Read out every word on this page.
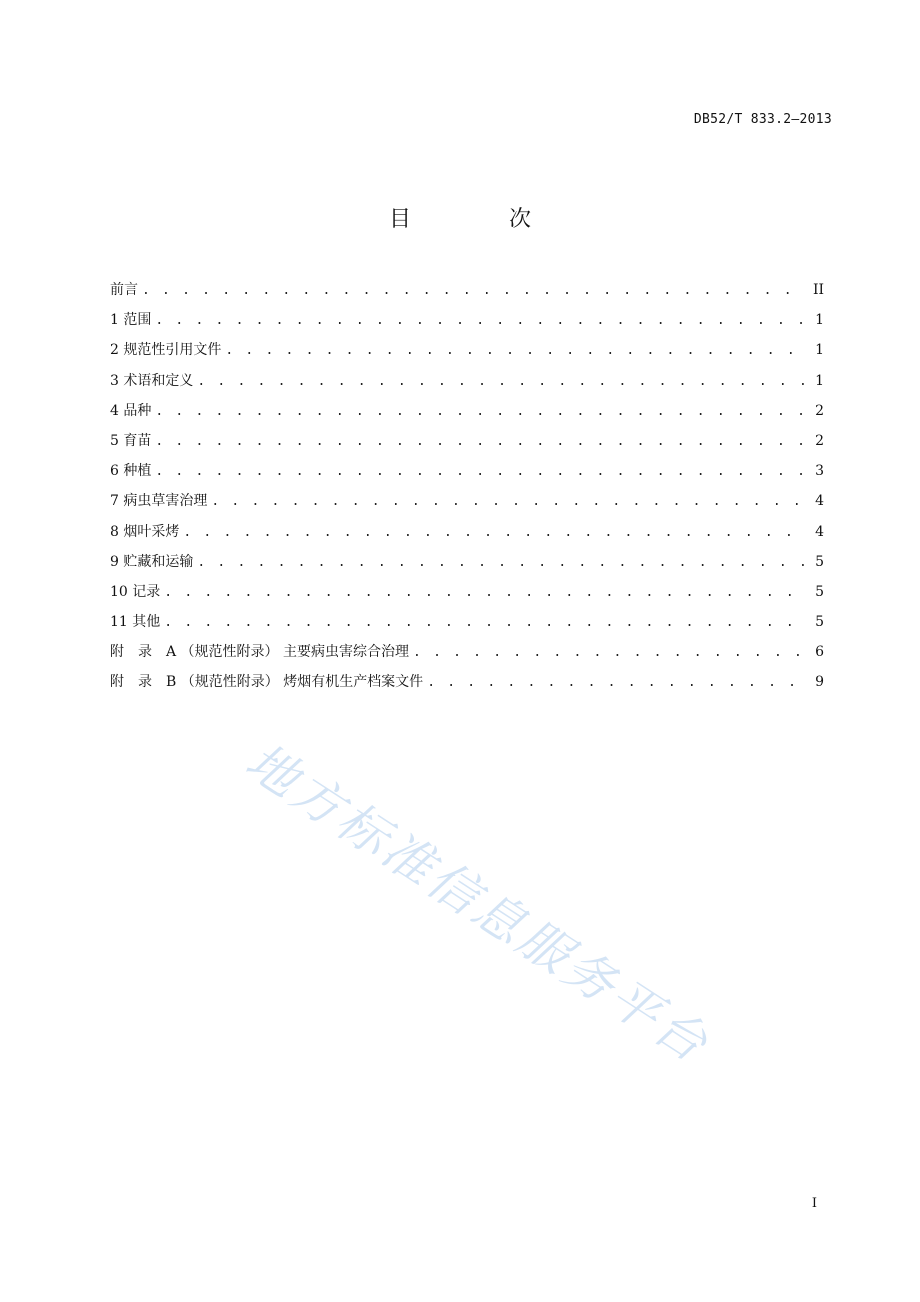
DB52/T 833.2—2013
目　次
前言 . . .	II
1 范围 . . .	1
2 规范性引用文件 . . .	1
3 术语和定义 . . .	1
4 品种 . . .	2
5 育苗 . . .	2
6 种植 . . .	3
7 病虫草害治理 . . .	4
8 烟叶采烤 . . .	4
9 贮藏和运输 . . .	5
10 记录 . . .	5
11 其他 . . .	5
附　录　A （规范性附录） 主要病虫害综合治理 . . .	6
附　录　B （规范性附录） 烤烟有机生产档案文件 . . .	9
地方标准信息服务平台
I
